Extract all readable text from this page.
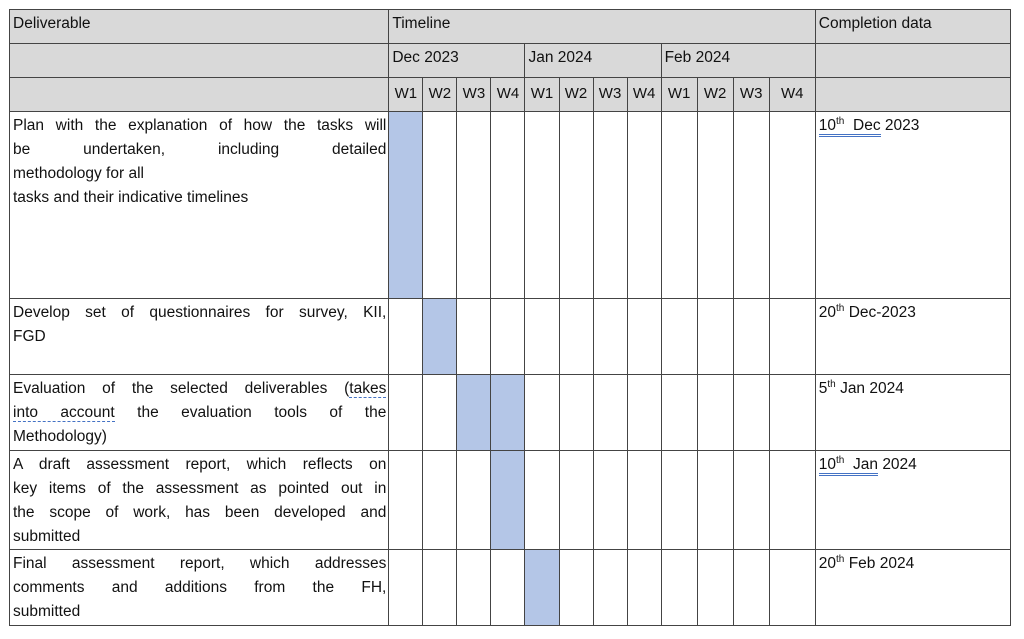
Deliverable	Timeline												Completion data
	Dec 2023				Jan 2024				Feb 2024				
	W1	W2	W3	W4	W1	W2	W3	W4	W1	W2	W3	W4	

Plan with the explanation of how the tasks will
be undertaken, including detailed
methodology for all
tasks and their indicative timelines													10th Dec 2023

Develop set of questionnaires for survey, KII,
FGD													20th Dec-2023

Evaluation of the selected deliverables (takes
into account the evaluation tools of the
Methodology)													5th Jan 2024

A draft assessment report, which reflects on
key items of the assessment as pointed out in
the scope of work, has been developed and
submitted													10th Jan 2024

Final assessment report, which addresses
comments and additions from the FH,
submitted													20th Feb 2024
